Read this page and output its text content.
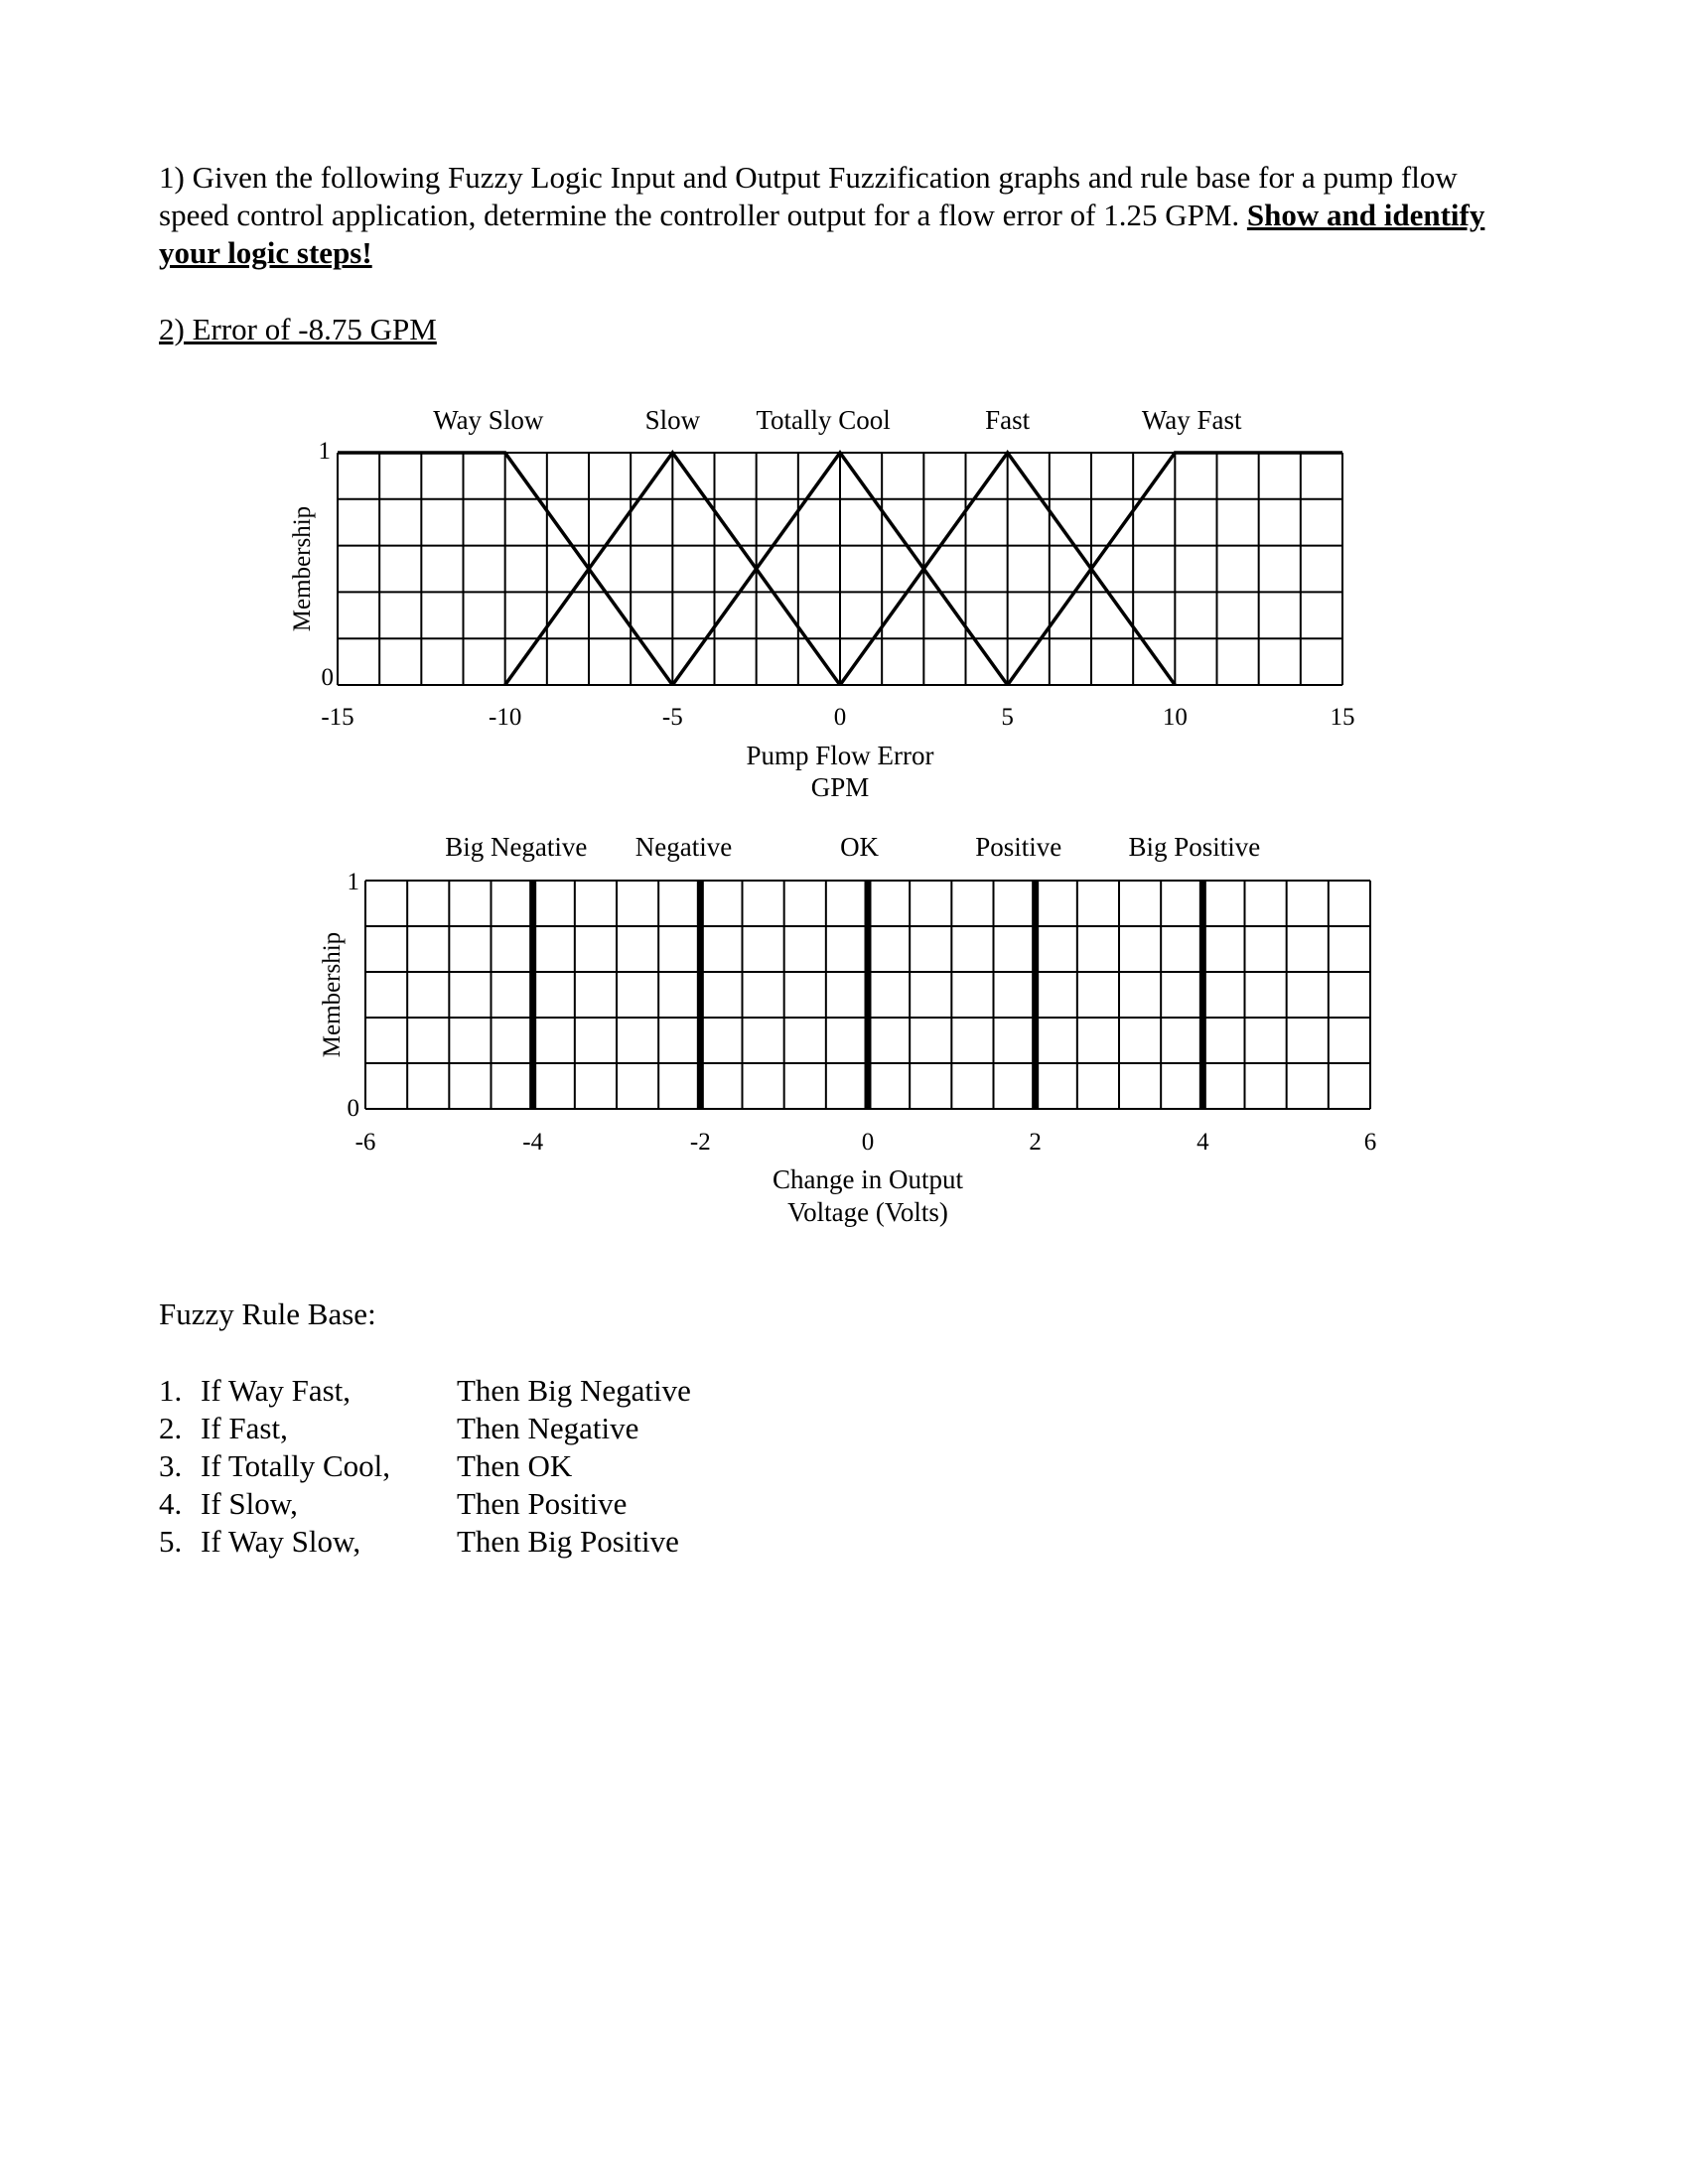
1) Given the following Fuzzy Logic Input and Output Fuzzification graphs and rule base for a pump flow speed control application, determine the controller output for a flow error of 1.25 GPM. Show and identify your logic steps!
2) Error of -8.75 GPM
Way Slow	Slow Totally Cool	Fast	Way Fast
-15	-10	-5	0	5	10	15
1
0
Pump Flow Error
GPM
Membership
Big Negative Negative	OK	Positive Big Positive
-6	-4	-2	0	2	4	6
1
0
Change in Output
Voltage (Volts)
Membership
Fuzzy Rule Base:
1. If Way Fast,	Then Big Negative
2. If Fast,	Then Negative
3. If Totally Cool,	Then OK
4. If Slow,	Then Positive
5. If Way Slow,	Then Big Positive
